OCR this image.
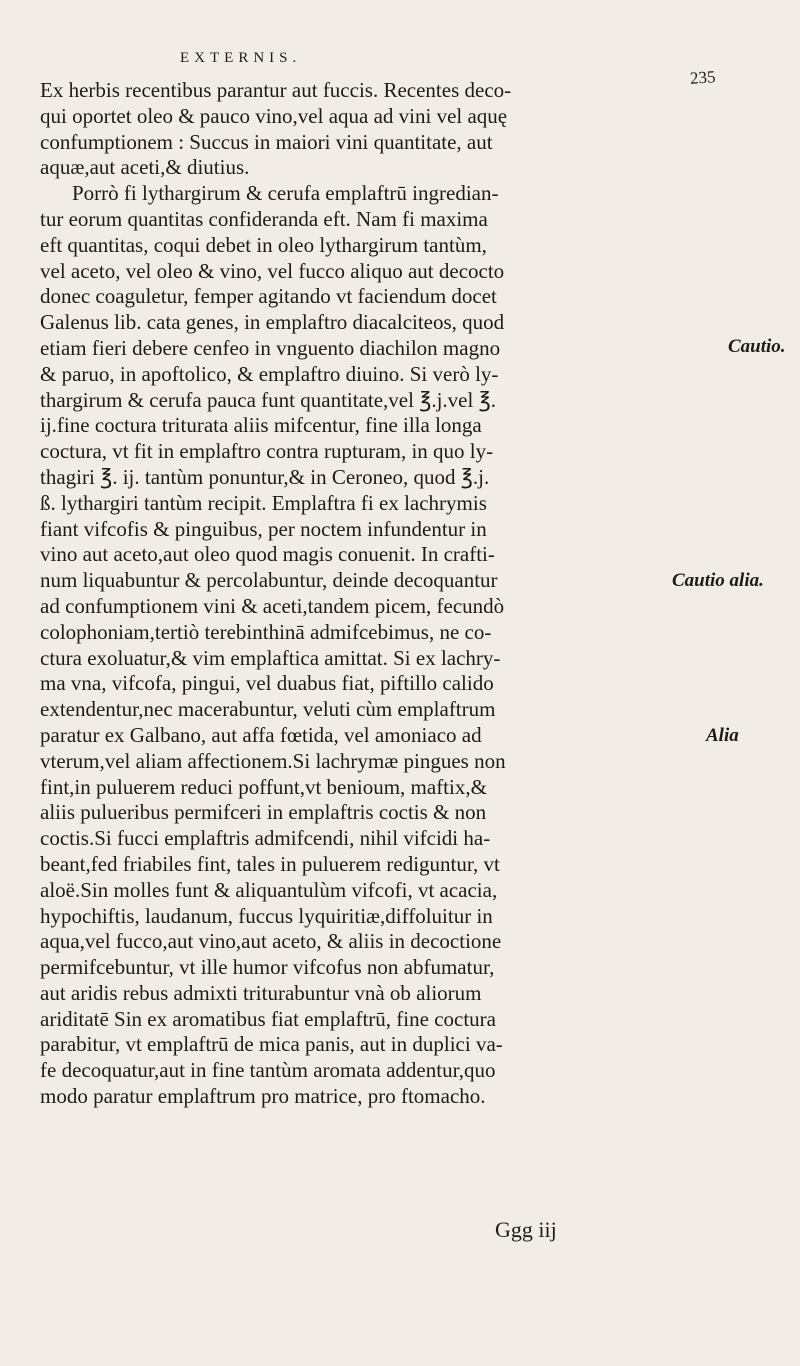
EXTERNIS.
235
Ex herbis recentibus parantur aut fuccis. Recentes deco-
qui oportet oleo & pauco vino,vel aqua ad vini vel aquę
confumptionem : Succus in maiori vini quantitate, aut
aquæ,aut aceti,& diutius.
Porrò fi lythargirum & cerufa emplaftrū ingredian-
tur eorum quantitas confideranda eft. Nam fi maxima
eft quantitas, coqui debet in oleo lythargirum tantùm,
vel aceto, vel oleo & vino, vel fucco aliquo aut decocto
donec coaguletur, femper agitando vt faciendum docet
Galenus lib. cata genes, in emplaftro diacalciteos, quod
etiam fieri debere cenfeo in vnguento diachilon magno
& paruo, in apoftolico, & emplaftro diuino. Si verò ly-
thargirum & cerufa pauca funt quantitate,vel ℥.j.vel ℥.
ij.fine coctura triturata aliis mifcentur, fine illa longa
coctura, vt fit in emplaftro contra rupturam, in quo ly-
thagiri ℥. ij. tantùm ponuntur,& in Ceroneo, quod ℥.j.
ß. lythargiri tantùm recipit. Emplaftra fi ex lachrymis
fiant vifcofis & pinguibus, per noctem infundentur in
vino aut aceto,aut oleo quod magis conuenit. In crafti-
num liquabuntur & percolabuntur, deinde decoquantur
ad confumptionem vini & aceti,tandem picem, fecundò
colophoniam,tertiò terebinthinā admifcebimus, ne co-
ctura exoluatur,& vim emplaftica amittat. Si ex lachry-
ma vna, vifcofa, pingui, vel duabus fiat, piftillo calido
extendentur,nec macerabuntur, veluti cùm emplaftrum
paratur ex Galbano, aut affa fœtida, vel amoniaco ad
vterum,vel aliam affectionem.Si lachrymæ pingues non
fint,in puluerem reduci poffunt,vt benioum, maftix,&
aliis pulueribus permifceri in emplaftris coctis & non
coctis.Si fucci emplaftris admifcendi, nihil vifcidi ha-
beant,fed friabiles fint, tales in puluerem rediguntur, vt
aloë.Sin molles funt & aliquantulùm vifcofi, vt acacia,
hypochiftis, laudanum, fuccus lyquiritiæ,diffoluitur in
aqua,vel fucco,aut vino,aut aceto, & aliis in decoctione
permifcebuntur, vt ille humor vifcofus non abfumatur,
aut aridis rebus admixti triturabuntur vnà ob aliorum
ariditatē Sin ex aromatibus fiat emplaftrū, fine coctura
parabitur, vt emplaftrū de mica panis, aut in duplici va-
fe decoquatur,aut in fine tantùm aromata addentur,quo
modo paratur emplaftrum pro matrice, pro ftomacho.
Cautio.
Cautio alia.
Alia
Ggg iij
